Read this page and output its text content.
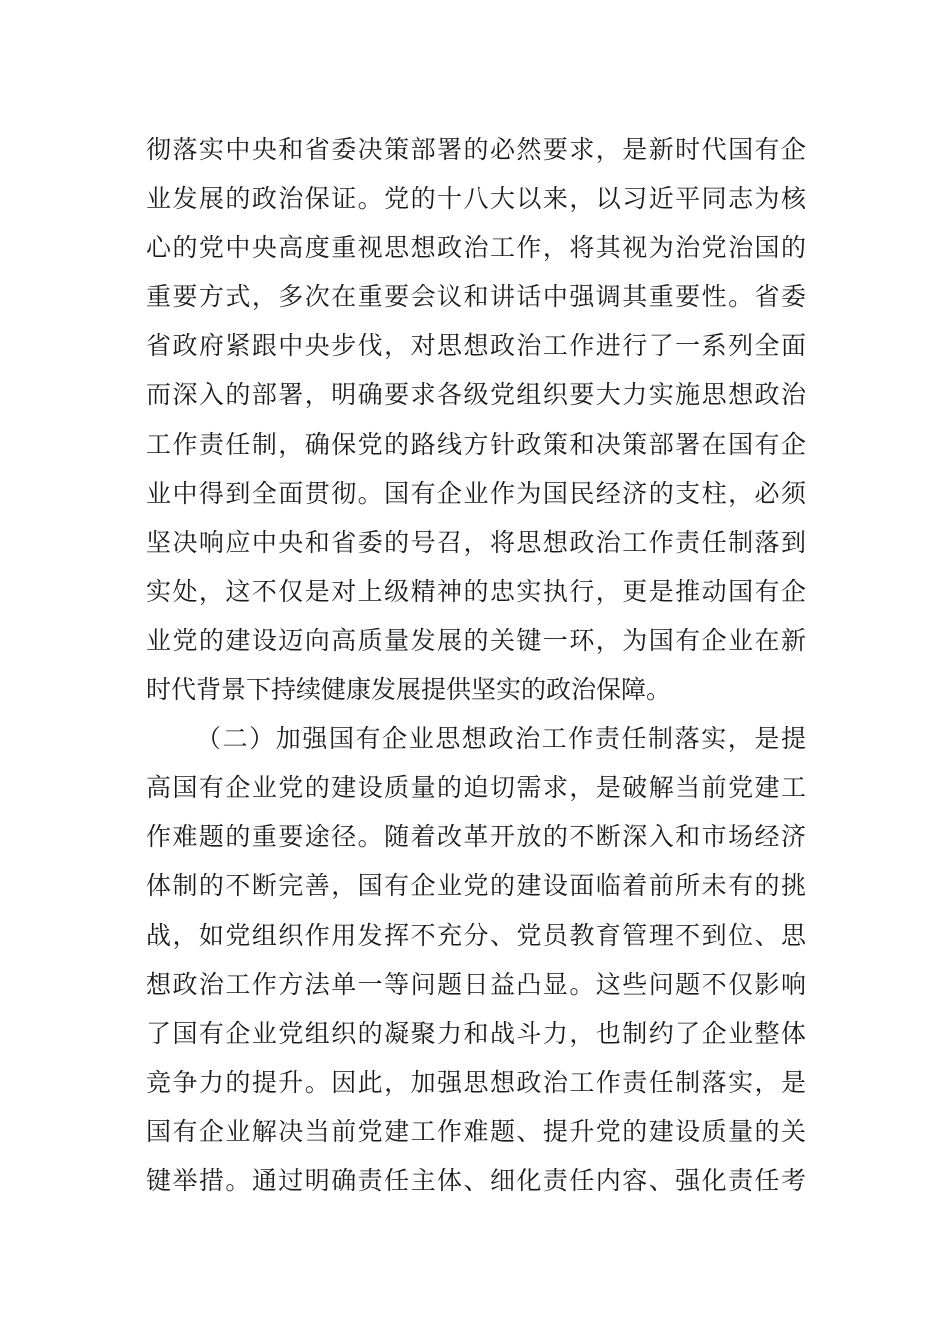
彻落实中央和省委决策部署的必然要求，是新时代国有企
业发展的政治保证。党的十八大以来，以习近平同志为核
心的党中央高度重视思想政治工作，将其视为治党治国的
重要方式，多次在重要会议和讲话中强调其重要性。省委
省政府紧跟中央步伐，对思想政治工作进行了一系列全面
而深入的部署，明确要求各级党组织要大力实施思想政治
工作责任制，确保党的路线方针政策和决策部署在国有企
业中得到全面贯彻。国有企业作为国民经济的支柱，必须
坚决响应中央和省委的号召，将思想政治工作责任制落到
实处，这不仅是对上级精神的忠实执行，更是推动国有企
业党的建设迈向高质量发展的关键一环，为国有企业在新
时代背景下持续健康发展提供坚实的政治保障。
（二）加强国有企业思想政治工作责任制落实，是提
高国有企业党的建设质量的迫切需求，是破解当前党建工
作难题的重要途径。随着改革开放的不断深入和市场经济
体制的不断完善，国有企业党的建设面临着前所未有的挑
战，如党组织作用发挥不充分、党员教育管理不到位、思
想政治工作方法单一等问题日益凸显。这些问题不仅影响
了国有企业党组织的凝聚力和战斗力，也制约了企业整体
竞争力的提升。因此，加强思想政治工作责任制落实，是
国有企业解决当前党建工作难题、提升党的建设质量的关
键举措。通过明确责任主体、细化责任内容、强化责任考
